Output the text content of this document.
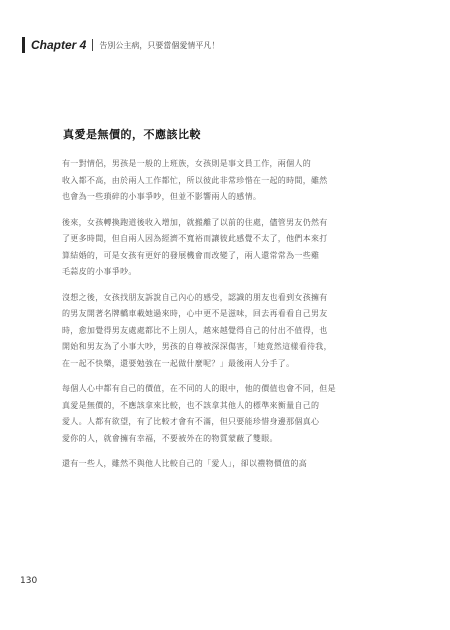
Chapter 4 告別公主病，只要當個愛情平凡！
真愛是無價的，不應該比較
有一對情侶，男孩是一般的上班族，女孩則是事文員工作，兩個人的
收入都不高，由於兩人工作都忙，所以彼此非常珍惜在一起的時間，雖然
也會為一些瑣碎的小事爭吵，但並不影響兩人的感情。
後來，女孩轉換跑道後收入增加，就搬離了以前的住處，儘管男友仍然有
了更多時間，但自兩人因為經濟不寬裕而讓彼此感覺不太了，他們本來打
算結婚的，可是女孩有更好的發展機會而改變了，兩人還常常為一些雞
毛蒜皮的小事爭吵。
沒想之後，女孩找朋友訴說自己內心的感受，認識的朋友也看到女孩擁有
的男友開著名牌轎車載她過來時，心中更不是滋味，回去再看看自己男友
時，愈加覺得男友處處都比不上別人，越來越覺得自己的付出不值得，也
開始和男友為了小事大吵，男孩的自尊被深深傷害，「她竟然這樣看待我，
在一起不快樂，還要勉強在一起做什麼呢？」最後兩人分手了。
每個人心中都有自己的價值，在不同的人的眼中，他的價值也會不同，但是
真愛是無價的，不應該拿來比較，也不該拿其他人的標準來衡量自己的
愛人。人都有欲望，有了比較才會有不滿，但只要能珍惜身邊那個真心
愛你的人，就會擁有幸福，不要被外在的物質蒙蔽了雙眼。
還有一些人，雖然不與他人比較自己的「愛人」，卻以禮物價值的高
130
